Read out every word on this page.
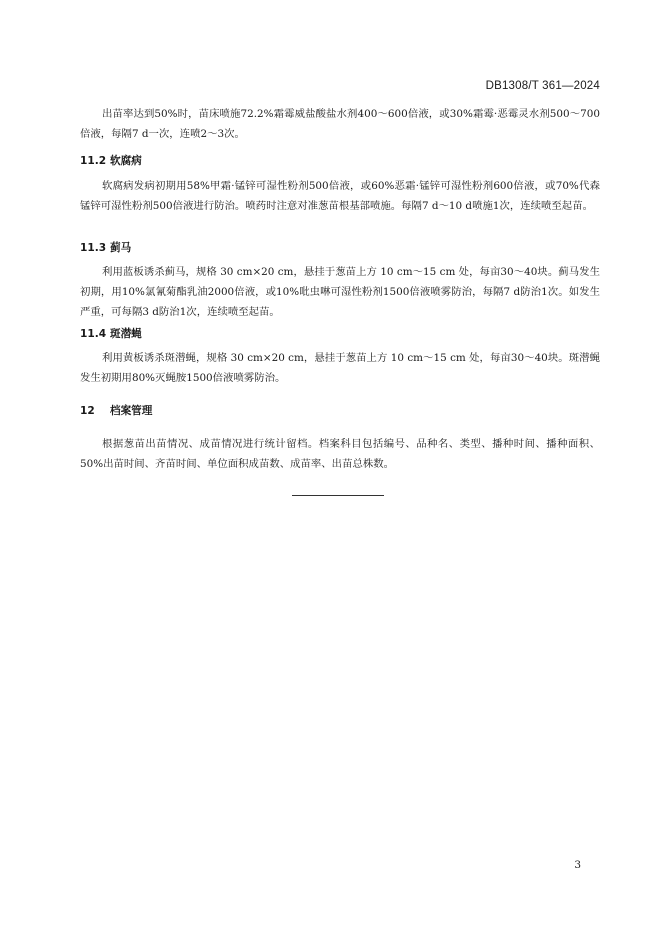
DB1308/T 361—2024

出苗率达到50%时，苗床喷施72.2%霜霉威盐酸盐水剂400～600倍液，或30%霜霉·恶霉灵水剂500～700倍液，每隔7 d一次，连喷2～3次。

11.2 软腐病

软腐病发病初期用58%甲霜·锰锌可湿性粉剂500倍液，或60%恶霜·锰锌可湿性粉剂600倍液，或70%代森锰锌可湿性粉剂500倍液进行防治。喷药时注意对准葱苗根基部喷施。每隔7 d～10 d喷施1次，连续喷至起苗。

11.3 蓟马

利用蓝板诱杀蓟马，规格 30 cm×20 cm，悬挂于葱苗上方 10 cm～15 cm 处，每亩30～40块。蓟马发生初期，用10%氯氰菊酯乳油2000倍液，或10%吡虫啉可湿性粉剂1500倍液喷雾防治，每隔7 d防治1次。如发生严重，可每隔3 d防治1次，连续喷至起苗。

11.4 斑潜蝇

利用黄板诱杀斑潜蝇，规格 30 cm×20 cm，悬挂于葱苗上方 10 cm～15 cm 处，每亩30～40块。斑潜蝇发生初期用80%灭蝇胺1500倍液喷雾防治。

12 档案管理

根据葱苗出苗情况、成苗情况进行统计留档。档案科目包括编号、品种名、类型、播种时间、播种面积、50%出苗时间、齐苗时间、单位面积成苗数、成苗率、出苗总株数。

3
